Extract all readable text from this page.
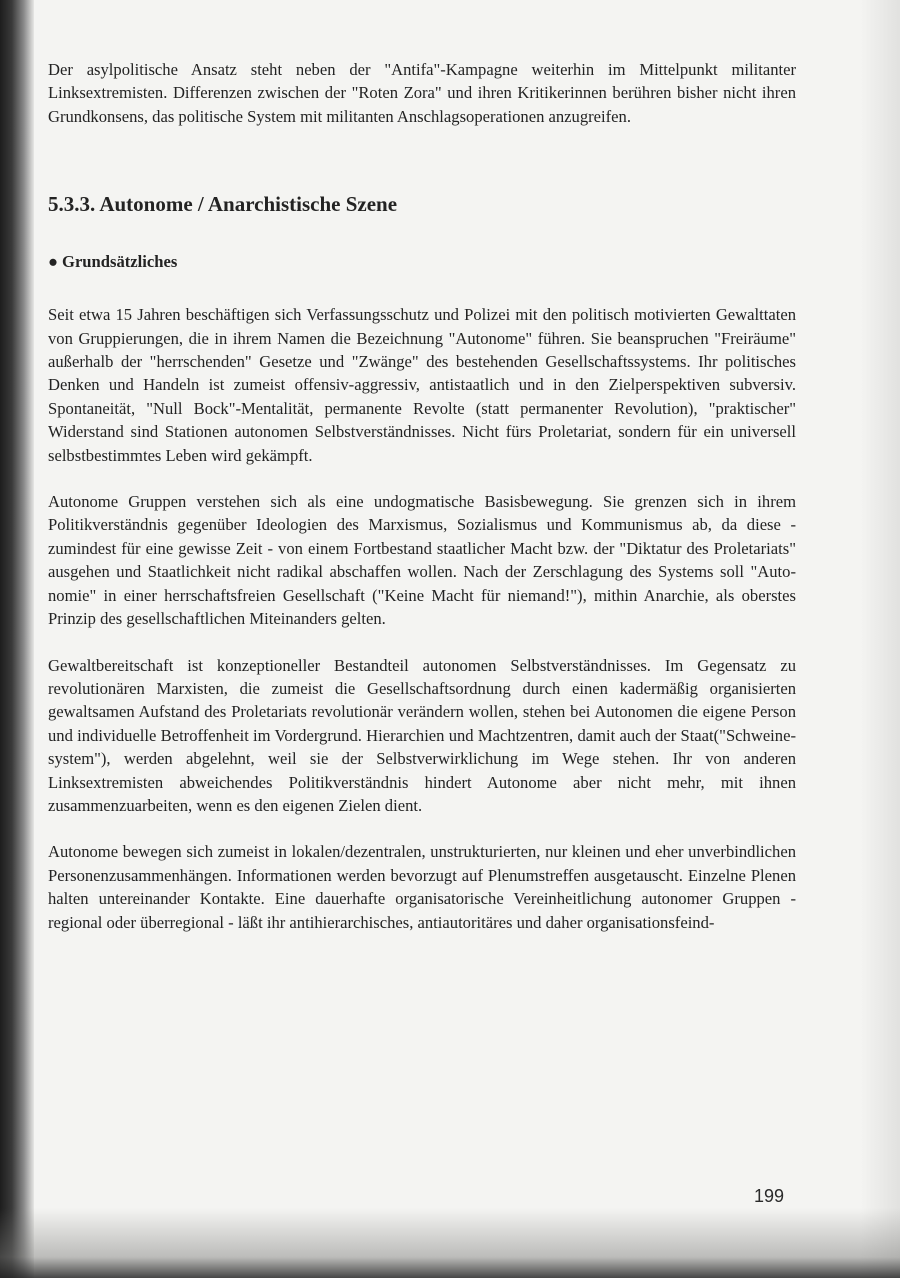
Der asylpolitische Ansatz steht neben der "Antifa"-Kampagne weiterhin im Mittelpunkt militanter Linksextremisten. Differenzen zwischen der "Roten Zora" und ihren Kritikerinnen berühren bisher nicht ihren Grundkonsens, das politische System mit militanten Anschlagsoperationen anzugreifen.

5.3.3. Autonome / Anarchistische Szene
● Grundsätzliches

Seit etwa 15 Jahren beschäftigen sich Verfassungsschutz und Polizei mit den politisch motivierten Gewalttaten von Gruppierungen, die in ihrem Namen die Bezeichnung "Autonome" führen. Sie beanspruchen "Freiräume" außerhalb der "herrschenden" Gesetze und "Zwänge" des bestehenden Gesellschaftssystems. Ihr politisches Denken und Handeln ist zumeist offensiv-aggressiv, antistaatlich und in den Zielperspektiven subversiv. Spontaneität, "Null Bock"-Mentalität, permanente Revolte (statt permanenter Revolution), "praktischer" Widerstand sind Stationen autonomen Selbstverständnisses. Nicht fürs Proletariat, sondern für ein universell selbstbestimmtes Leben wird gekämpft.

Autonome Gruppen verstehen sich als eine undogmatische Basisbewegung. Sie grenzen sich in ihrem Politikverständnis gegenüber Ideologien des Marxismus, Sozialismus und Kommunismus ab, da diese - zumindest für eine gewisse Zeit - von einem Fortbestand staatlicher Macht bzw. der "Diktatur des Proletariats" ausgehen und Staatlichkeit nicht radikal abschaffen wollen. Nach der Zerschlagung des Systems soll "Autonomie" in einer herrschaftsfreien Gesellschaft ("Keine Macht für niemand!"), mithin Anarchie, als oberstes Prinzip des gesellschaftlichen Miteinanders gelten.

Gewaltbereitschaft ist konzeptioneller Bestandteil autonomen Selbstverständnisses. Im Gegensatz zu revolutionären Marxisten, die zumeist die Gesellschaftsordnung durch einen kadermäßig organisierten gewaltsamen Aufstand des Proletariats revolutionär verändern wollen, stehen bei Autonomen die eigene Person und individuelle Betroffenheit im Vordergrund. Hierarchien und Machtzentren, damit auch der Staat("Schweinesystem"), werden abgelehnt, weil sie der Selbstverwirklichung im Wege stehen. Ihr von anderen Linksextremisten abweichendes Politikverständnis hindert Autonome aber nicht mehr, mit ihnen zusammenzuarbeiten, wenn es den eigenen Zielen dient.

Autonome bewegen sich zumeist in lokalen/dezentralen, unstrukturierten, nur kleinen und eher unverbindlichen Personenzusammenhängen. Informationen werden bevorzugt auf Plenumstreffen ausgetauscht. Einzelne Plenen halten untereinander Kontakte. Eine dauerhafte organisatorische Vereinheitlichung autonomer Gruppen - regional oder überregional - läßt ihr antihierarchisches, antiautoritäres und daher organisationsfeind-

199
